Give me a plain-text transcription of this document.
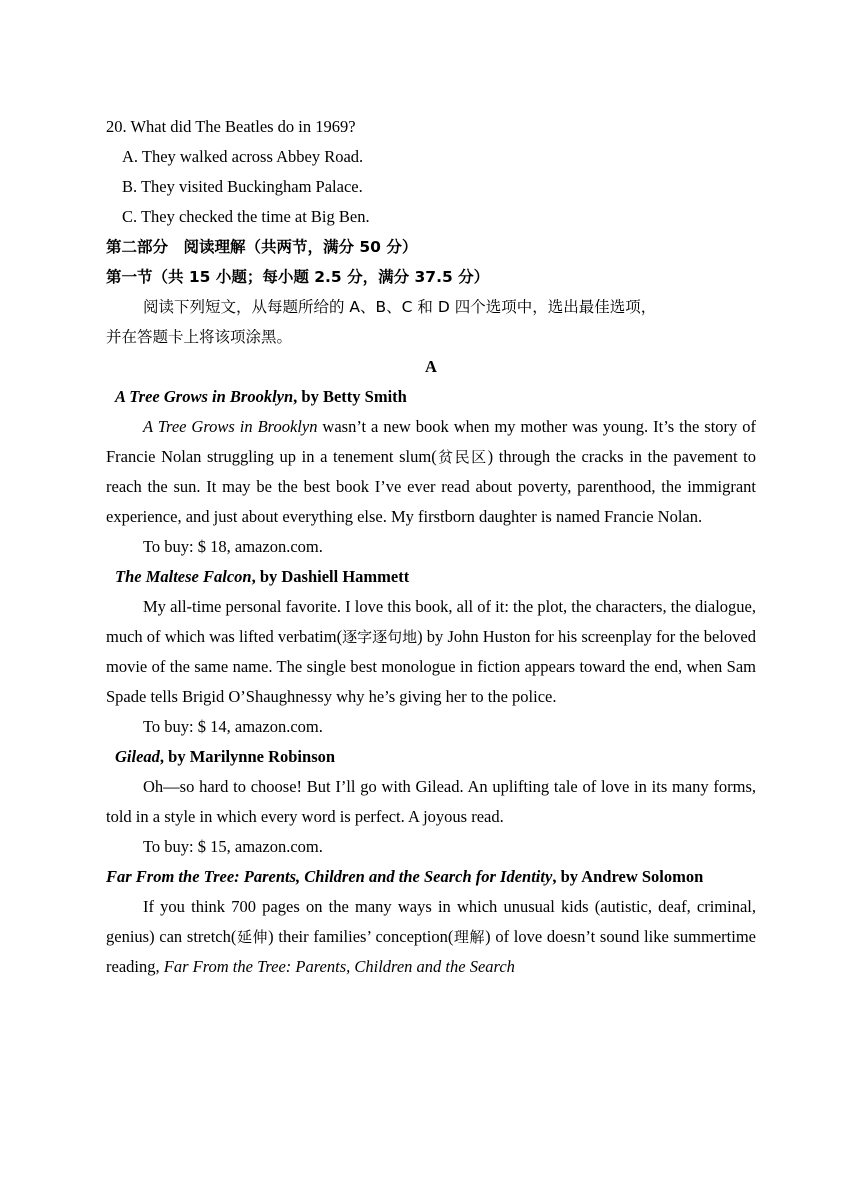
20. What did The Beatles do in 1969?
A. They walked across Abbey Road.
B. They visited Buckingham Palace.
C. They checked the time at Big Ben.
第二部分　阅读理解（共两节，满分 50 分）
第一节（共 15 小题；每小题 2.5 分，满分 37.5 分）
阅读下列短文，从每题所给的 A、B、C 和 D 四个选项中，选出最佳选项，
并在答题卡上将该项涂黑。
A
A Tree Grows in Brooklyn, by Betty Smith

A Tree Grows in Brooklyn wasn’t a new book when my mother was young. It’s the story of Francie Nolan struggling up in a tenement slum(贫民区) through the cracks in the pavement to reach the sun. It may be the best book I’ve ever read about poverty, parenthood, the immigrant experience, and just about everything else. My firstborn daughter is named Francie Nolan.

To buy: $ 18, amazon.com.
The Maltese Falcon, by Dashiell Hammett

My all-time personal favorite. I love this book, all of it: the plot, the characters, the dialogue, much of which was lifted verbatim(逐字逐句地) by John Huston for his screenplay for the beloved movie of the same name. The single best monologue in fiction appears toward the end, when Sam Spade tells Brigid O’Shaughnessy why he’s giving her to the police.

To buy: $ 14, amazon.com.
Gilead, by Marilynne Robinson

Oh—so hard to choose! But I’ll go with Gilead. An uplifting tale of love in its many forms, told in a style in which every word is perfect. A joyous read.

To buy: $ 15, amazon.com.
Far From the Tree: Parents, Children and the Search for Identity, by Andrew Solomon

If you think 700 pages on the many ways in which unusual kids (autistic, deaf, criminal, genius) can stretch(延伸) their families’ conception(理解) of love doesn’t sound like summertime reading, Far From the Tree: Parents, Children and the Search
